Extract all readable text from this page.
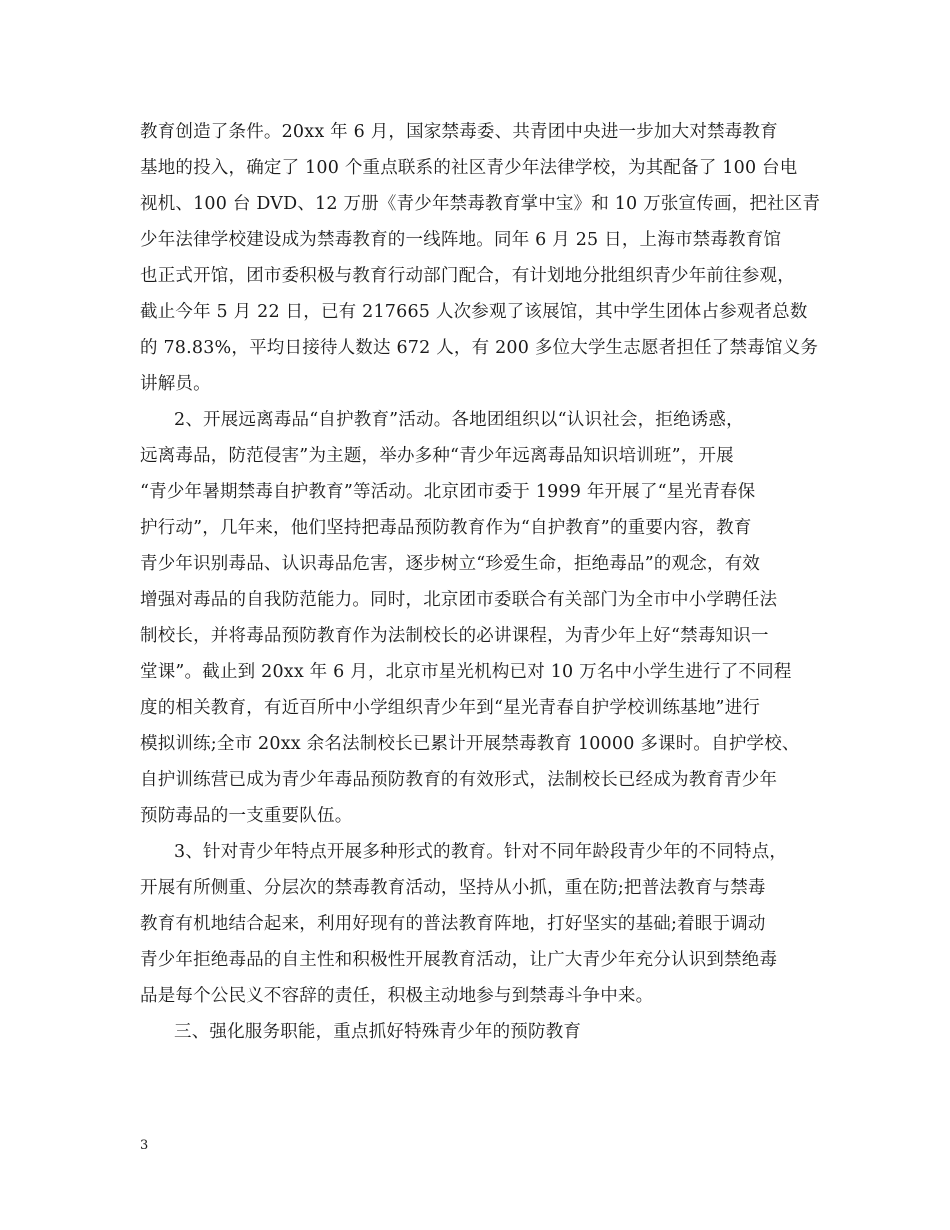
教育创造了条件。20xx 年 6 月，国家禁毒委、共青团中央进一步加大对禁毒教育
基地的投入，确定了 100 个重点联系的社区青少年法律学校，为其配备了 100 台电
视机、100 台 DVD、12 万册《青少年禁毒教育掌中宝》和 10 万张宣传画，把社区青
少年法律学校建设成为禁毒教育的一线阵地。同年 6 月 25 日，上海市禁毒教育馆
也正式开馆，团市委积极与教育行动部门配合，有计划地分批组织青少年前往参观，
截止今年 5 月 22 日，已有 217665 人次参观了该展馆，其中学生团体占参观者总数
的 78.83%，平均日接待人数达 672 人，有 200 多位大学生志愿者担任了禁毒馆义务
讲解员。
2、开展远离毒品“自护教育”活动。各地团组织以“认识社会，拒绝诱惑，
远离毒品，防范侵害”为主题，举办多种“青少年远离毒品知识培训班”，开展
“青少年暑期禁毒自护教育”等活动。北京团市委于 1999 年开展了“星光青春保
护行动”，几年来，他们坚持把毒品预防教育作为“自护教育”的重要内容，教育
青少年识别毒品、认识毒品危害，逐步树立“珍爱生命，拒绝毒品”的观念，有效
增强对毒品的自我防范能力。同时，北京团市委联合有关部门为全市中小学聘任法
制校长，并将毒品预防教育作为法制校长的必讲课程，为青少年上好“禁毒知识一
堂课”。截止到 20xx 年 6 月，北京市星光机构已对 10 万名中小学生进行了不同程
度的相关教育，有近百所中小学组织青少年到“星光青春自护学校训练基地”进行
模拟训练;全市 20xx 余名法制校长已累计开展禁毒教育 10000 多课时。自护学校、
自护训练营已成为青少年毒品预防教育的有效形式，法制校长已经成为教育青少年
预防毒品的一支重要队伍。
3、针对青少年特点开展多种形式的教育。针对不同年龄段青少年的不同特点，
开展有所侧重、分层次的禁毒教育活动，坚持从小抓，重在防;把普法教育与禁毒
教育有机地结合起来，利用好现有的普法教育阵地，打好坚实的基础;着眼于调动
青少年拒绝毒品的自主性和积极性开展教育活动，让广大青少年充分认识到禁绝毒
品是每个公民义不容辞的责任，积极主动地参与到禁毒斗争中来。
三、强化服务职能，重点抓好特殊青少年的预防教育
3
